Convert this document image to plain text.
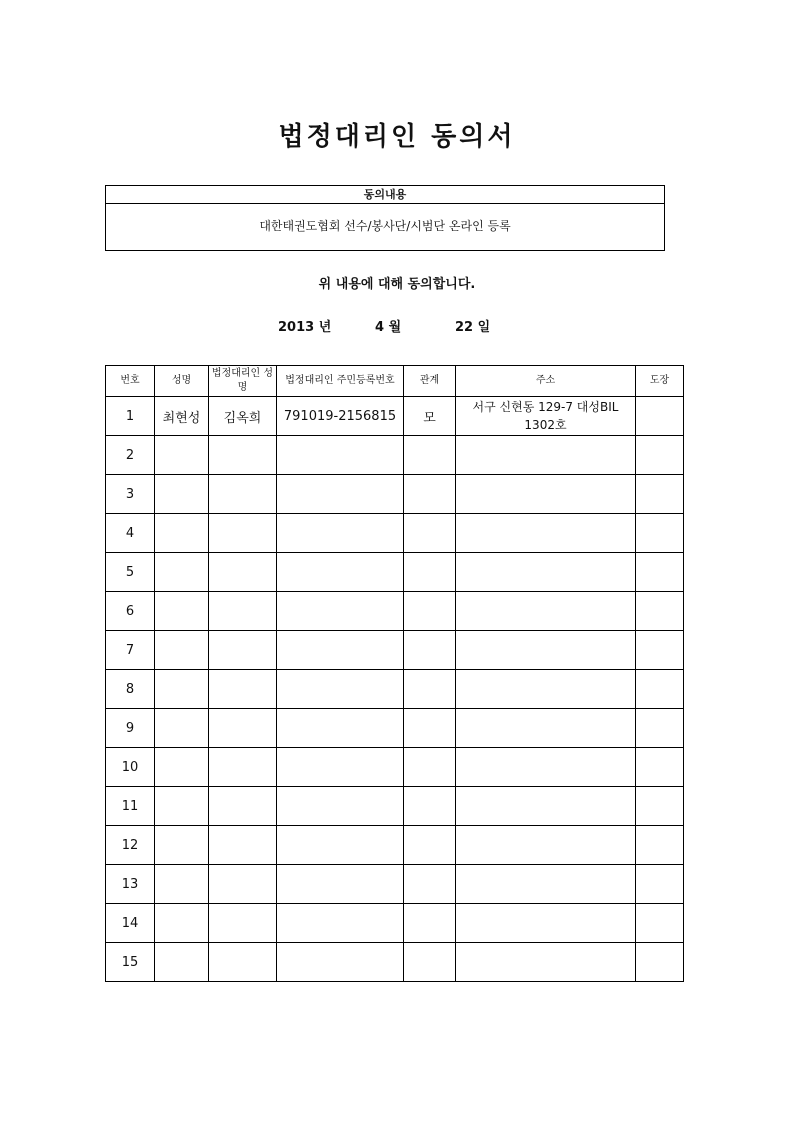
법정대리인 동의서
동의내용
대한태권도협회 선수/봉사단/시범단 온라인 등록
위 내용에 대해 동의합니다.
2013 년	4 월	22 일
번호	성명	법정대리인 성명	법정대리인 주민등록번호	관계	주소	도장
1	최현성	김옥희	791019-2156815	모	서구 신현동 129-7 대성BIL 1302호	
2						
3						
4						
5						
6						
7						
8						
9						
10						
11						
12						
13						
14						
15						
